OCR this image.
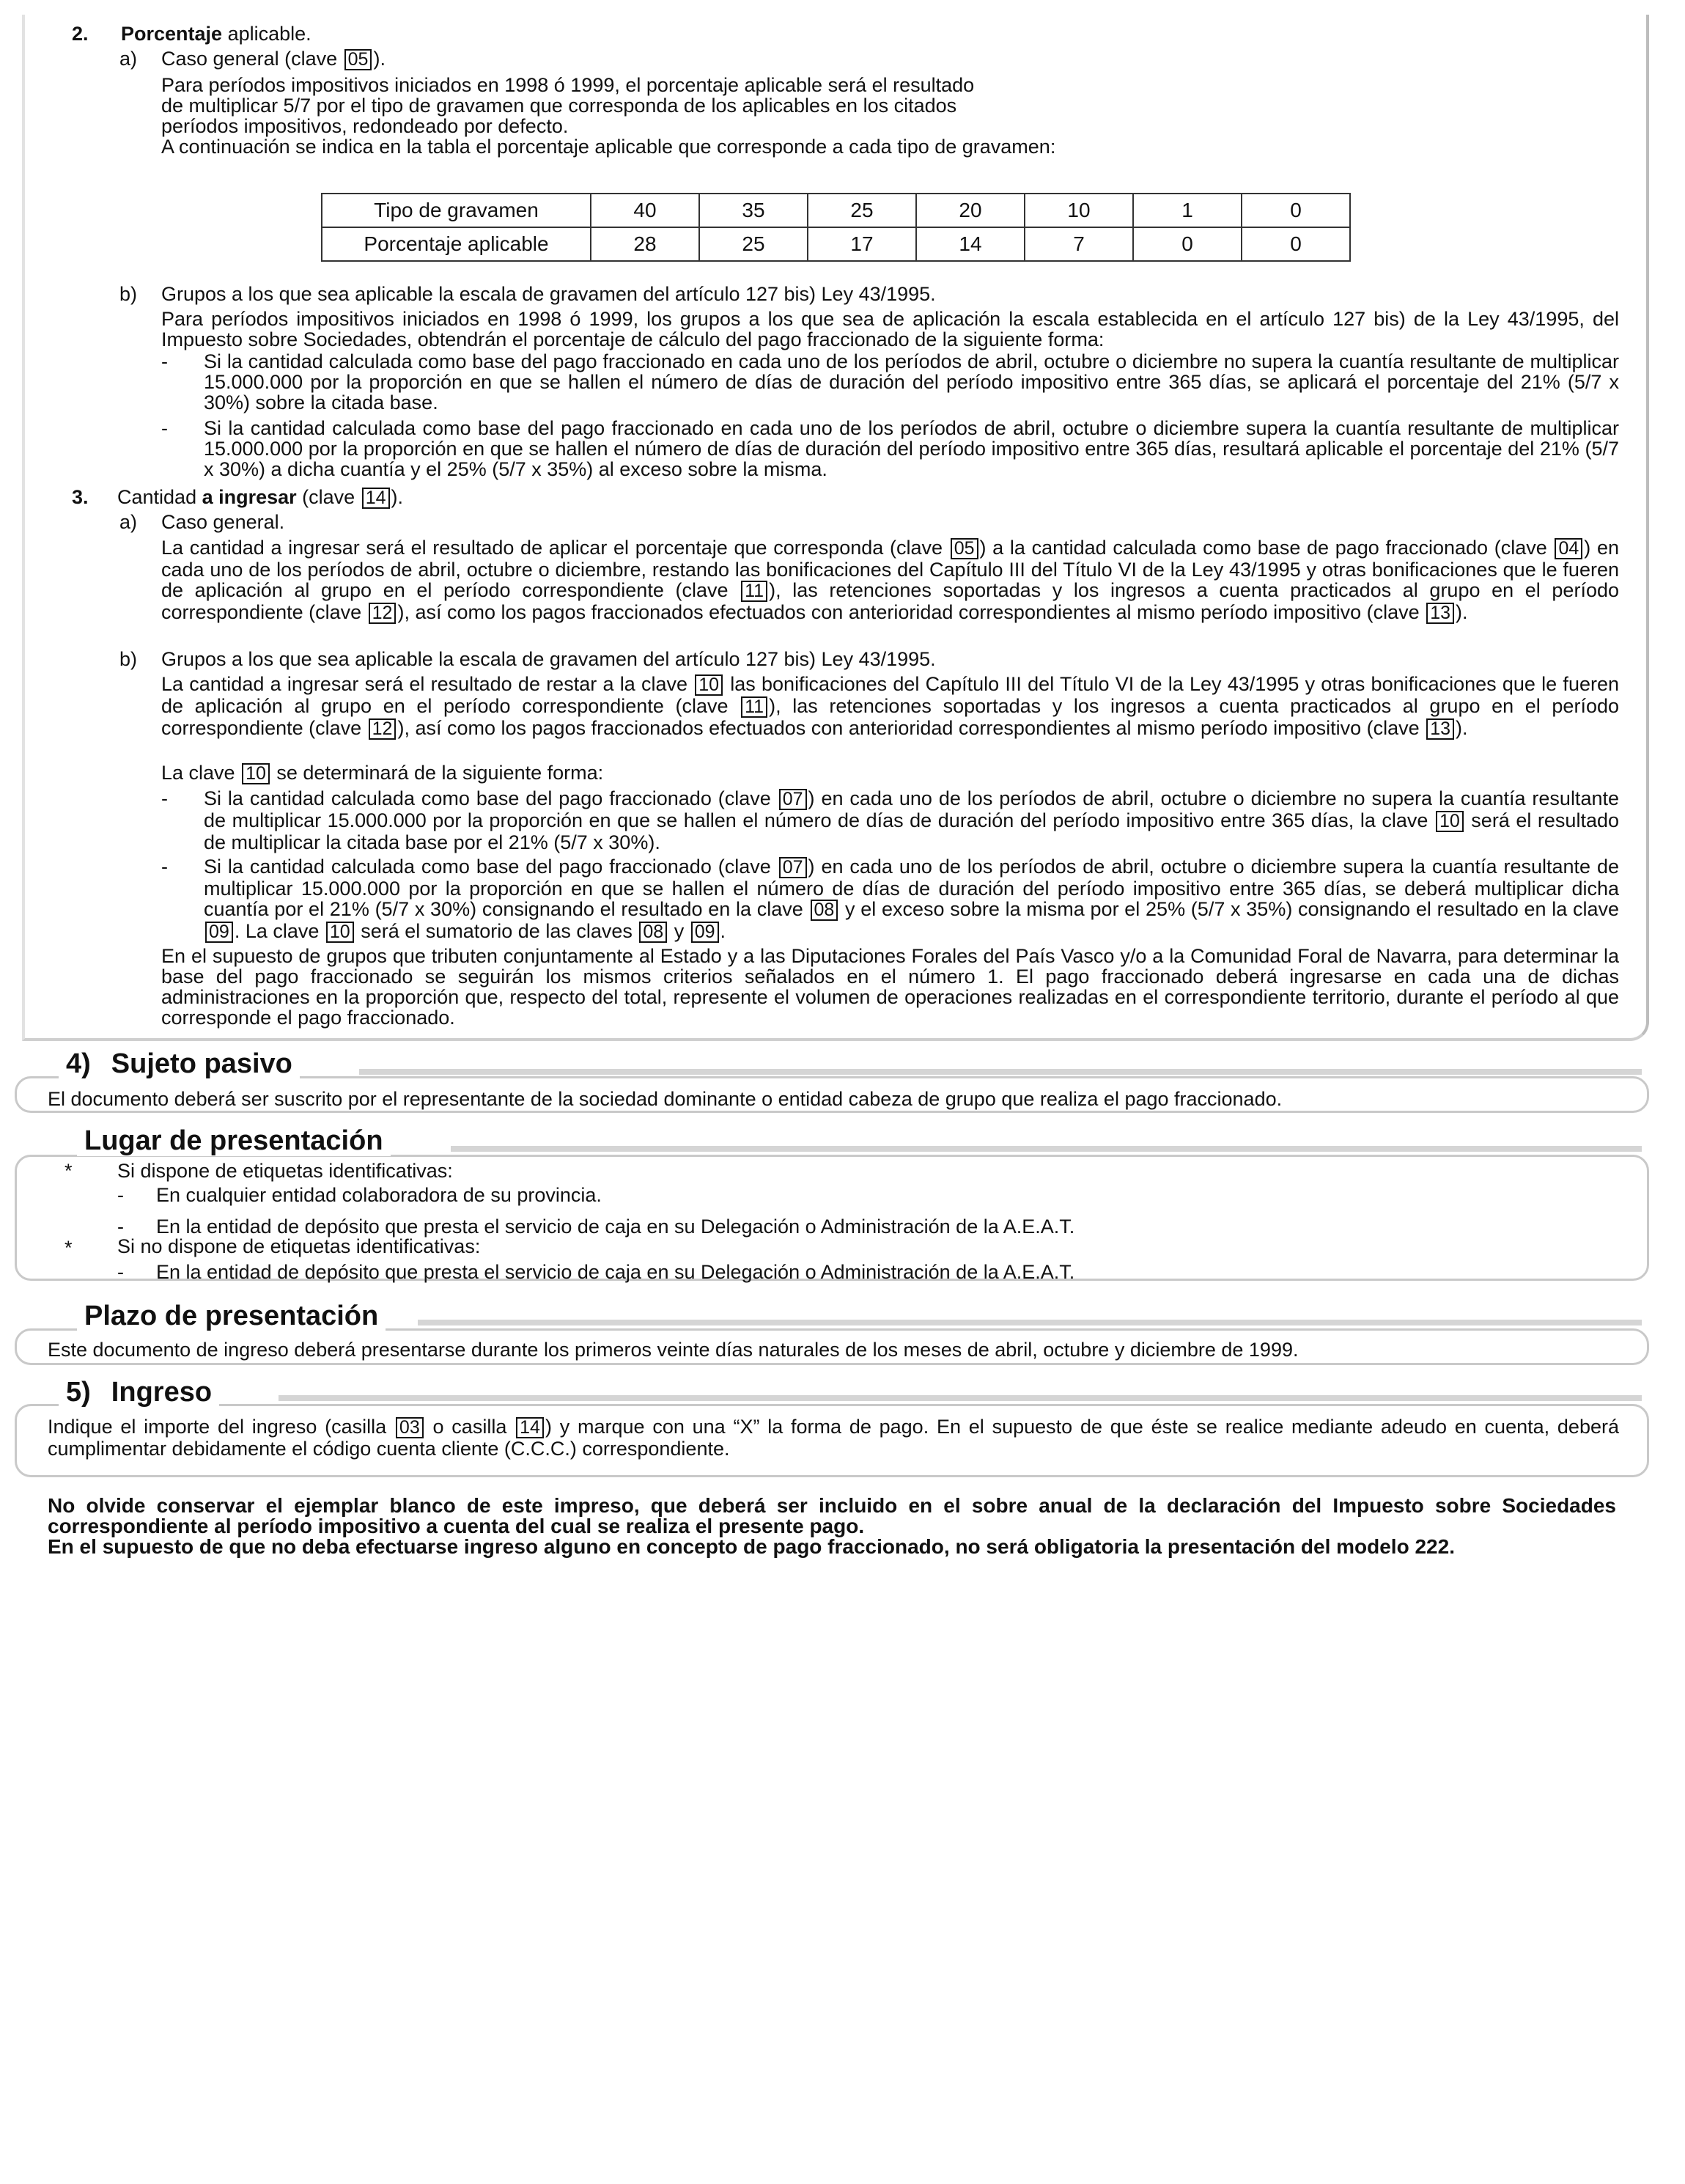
2. Porcentaje aplicable.
a) Caso general (clave 05 ).

Para períodos impositivos iniciados en 1998 ó 1999, el porcentaje aplicable será el resultado

de multiplicar 5/7 por el tipo de gravamen que corresponda de los aplicables en los citados

períodos impositivos, redondeado por defecto.

A continuación se indica en la tabla el porcentaje aplicable que corresponde a cada tipo de gravamen:

Tipo de gravamen	40	35	25	20	10	1	0
Porcentaje aplicable	28	25	17	14	7	0	0
b) Grupos a los que sea aplicable la escala de gravamen del artículo 127 bis) Ley 43/1995.
Para períodos impositivos iniciados en 1998 ó 1999, los grupos a los que sea de aplicación la escala establecida en el artículo 127 bis) de la Ley 43/1995, del Impuesto sobre Sociedades, obtendrán el porcentaje de cálculo del pago fraccionado de la siguiente forma:
- Si la cantidad calculada como base del pago fraccionado en cada uno de los períodos de abril, octubre o diciembre no supera la cuantía resultante de multiplicar 15.000.000 por la proporción en que se hallen el número de días de duración del período impositivo entre 365 días, se aplicará el porcentaje del 21% (5/7 x 30%) sobre la citada base.
- Si la cantidad calculada como base del pago fraccionado en cada uno de los períodos de abril, octubre o diciembre supera la cuantía resultante de multiplicar 15.000.000 por la proporción en que se hallen el número de días de duración del período impositivo entre 365 días, resultará aplicable el porcentaje del 21% (5/7 x 30%) a dicha cuantía y el 25% (5/7 x 35%) al exceso sobre la misma.
3. Cantidad a ingresar (clave 14 ).
a) Caso general.
La cantidad a ingresar será el resultado de aplicar el porcentaje que corresponda (clave 05 ) a la cantidad calculada como base de pago fraccionado (clave 04 ) en cada uno de los períodos de abril, octubre o diciembre, restando las bonificaciones del Capítulo III del Título VI de la Ley 43/1995 y otras bonificaciones que le fueren de aplicación al grupo en el período correspondiente (clave 11 ), las retenciones soportadas y los ingresos a cuenta practicados al grupo en el período correspondiente (clave 12 ), así como los pagos fraccionados efectuados con anterioridad correspondientes al mismo período impositivo (clave 13 ).
b) Grupos a los que sea aplicable la escala de gravamen del artículo 127 bis) Ley 43/1995.
La cantidad a ingresar será el resultado de restar a la clave 10 las bonificaciones del Capítulo III del Título VI de la Ley 43/1995 y otras bonificaciones que le fueren de aplicación al grupo en el período correspondiente (clave 11 ), las retenciones soportadas y los ingresos a cuenta practicados al grupo en el período correspondiente (clave 12 ), así como los pagos fraccionados efectuados con anterioridad correspondientes al mismo período impositivo (clave 13 ).
La clave 10 se determinará de la siguiente forma:
- Si la cantidad calculada como base del pago fraccionado (clave 07 ) en cada uno de los períodos de abril, octubre o diciembre no supera la cuantía resultante de multiplicar 15.000.000 por la proporción en que se hallen el número de días de duración del período impositivo entre 365 días, la clave 10 será el resultado de multiplicar la citada base por el 21% (5/7 x 30%).
- Si la cantidad calculada como base del pago fraccionado (clave 07 ) en cada uno de los períodos de abril, octubre o diciembre supera la cuantía resultante de multiplicar 15.000.000 por la proporción en que se hallen el número de días de duración del período impositivo entre 365 días, se deberá multiplicar dicha cuantía por el 21% (5/7 x 30%) consignando el resultado en la clave 08 y el exceso sobre la misma por el 25% (5/7 x 35%) consignando el resultado en la clave 09 . La clave 10 será el sumatorio de las claves 08 y 09 .
En el supuesto de grupos que tributen conjuntamente al Estado y a las Diputaciones Forales del País Vasco y/o a la Comunidad Foral de Navarra, para determinar la base del pago fraccionado se seguirán los mismos criterios señalados en el número 1. El pago fraccionado deberá ingresarse en cada una de dichas administraciones en la proporción que, respecto del total, represente el volumen de operaciones realizadas en el correspondiente territorio, durante el período al que corresponde el pago fraccionado.
4) Sujeto pasivo
El documento deberá ser suscrito por el representante de la sociedad dominante o entidad cabeza de grupo que realiza el pago fraccionado.
Lugar de presentación
* Si dispone de etiquetas identificativas:
- En cualquier entidad colaboradora de su provincia.
- En la entidad de depósito que presta el servicio de caja en su Delegación o Administración de la A.E.A.T.
* Si no dispone de etiquetas identificativas:
- En la entidad de depósito que presta el servicio de caja en su Delegación o Administración de la A.E.A.T.
Plazo de presentación
Este documento de ingreso deberá presentarse durante los primeros veinte días naturales de los meses de abril, octubre y diciembre de 1999.
5) Ingreso
Indique el importe del ingreso (casilla 03 o casilla 14 ) y marque con una “X” la forma de pago. En el supuesto de que éste se realice mediante adeudo en cuenta, deberá cumplimentar debidamente el código cuenta cliente (C.C.C.) correspondiente.

No olvide conservar el ejemplar blanco de este impreso, que deberá ser incluido en el sobre anual de la declaración del Impuesto sobre Sociedades correspondiente al período impositivo a cuenta del cual se realiza el presente pago.

En el supuesto de que no deba efectuarse ingreso alguno en concepto de pago fraccionado, no será obligatoria la presentación del modelo 222.
